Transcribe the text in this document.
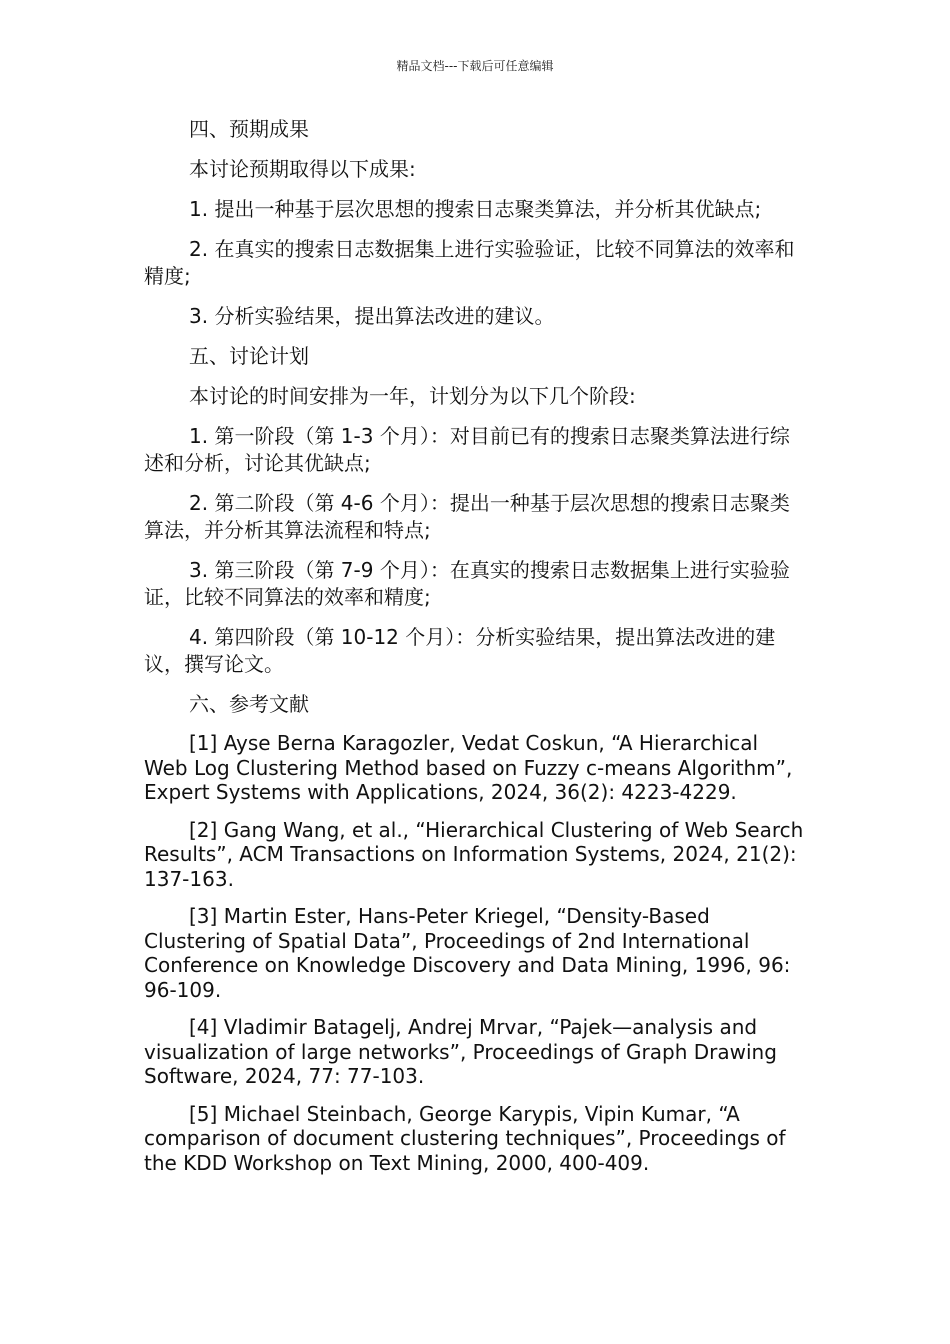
精品文档---下载后可任意编辑

四、预期成果

本讨论预期取得以下成果:

1. 提出一种基于层次思想的搜索日志聚类算法，并分析其优缺点;

2. 在真实的搜索日志数据集上进行实验验证，比较不同算法的效率和精度;

3. 分析实验结果，提出算法改进的建议。

五、讨论计划

本讨论的时间安排为一年，计划分为以下几个阶段:

1. 第一阶段（第 1-3 个月）：对目前已有的搜索日志聚类算法进行综述和分析，讨论其优缺点;

2. 第二阶段（第 4-6 个月）：提出一种基于层次思想的搜索日志聚类算法，并分析其算法流程和特点;

3. 第三阶段（第 7-9 个月）：在真实的搜索日志数据集上进行实验验证，比较不同算法的效率和精度;

4. 第四阶段（第 10-12 个月）：分析实验结果，提出算法改进的建议，撰写论文。

六、参考文献

[1] Ayse Berna Karagozler, Vedat Coskun, “A Hierarchical Web Log Clustering Method based on Fuzzy c-means Algorithm”, Expert Systems with Applications, 2024, 36(2): 4223-4229.

[2] Gang Wang, et al., “Hierarchical Clustering of Web Search Results”, ACM Transactions on Information Systems, 2024, 21(2): 137-163.

[3] Martin Ester, Hans-Peter Kriegel, “Density-Based Clustering of Spatial Data”, Proceedings of 2nd International Conference on Knowledge Discovery and Data Mining, 1996, 96: 96-109.

[4] Vladimir Batagelj, Andrej Mrvar, “Pajek—analysis and visualization of large networks”, Proceedings of Graph Drawing Software, 2024, 77: 77-103.

[5] Michael Steinbach, George Karypis, Vipin Kumar, “A comparison of document clustering techniques”, Proceedings of the KDD Workshop on Text Mining, 2000, 400-409.
